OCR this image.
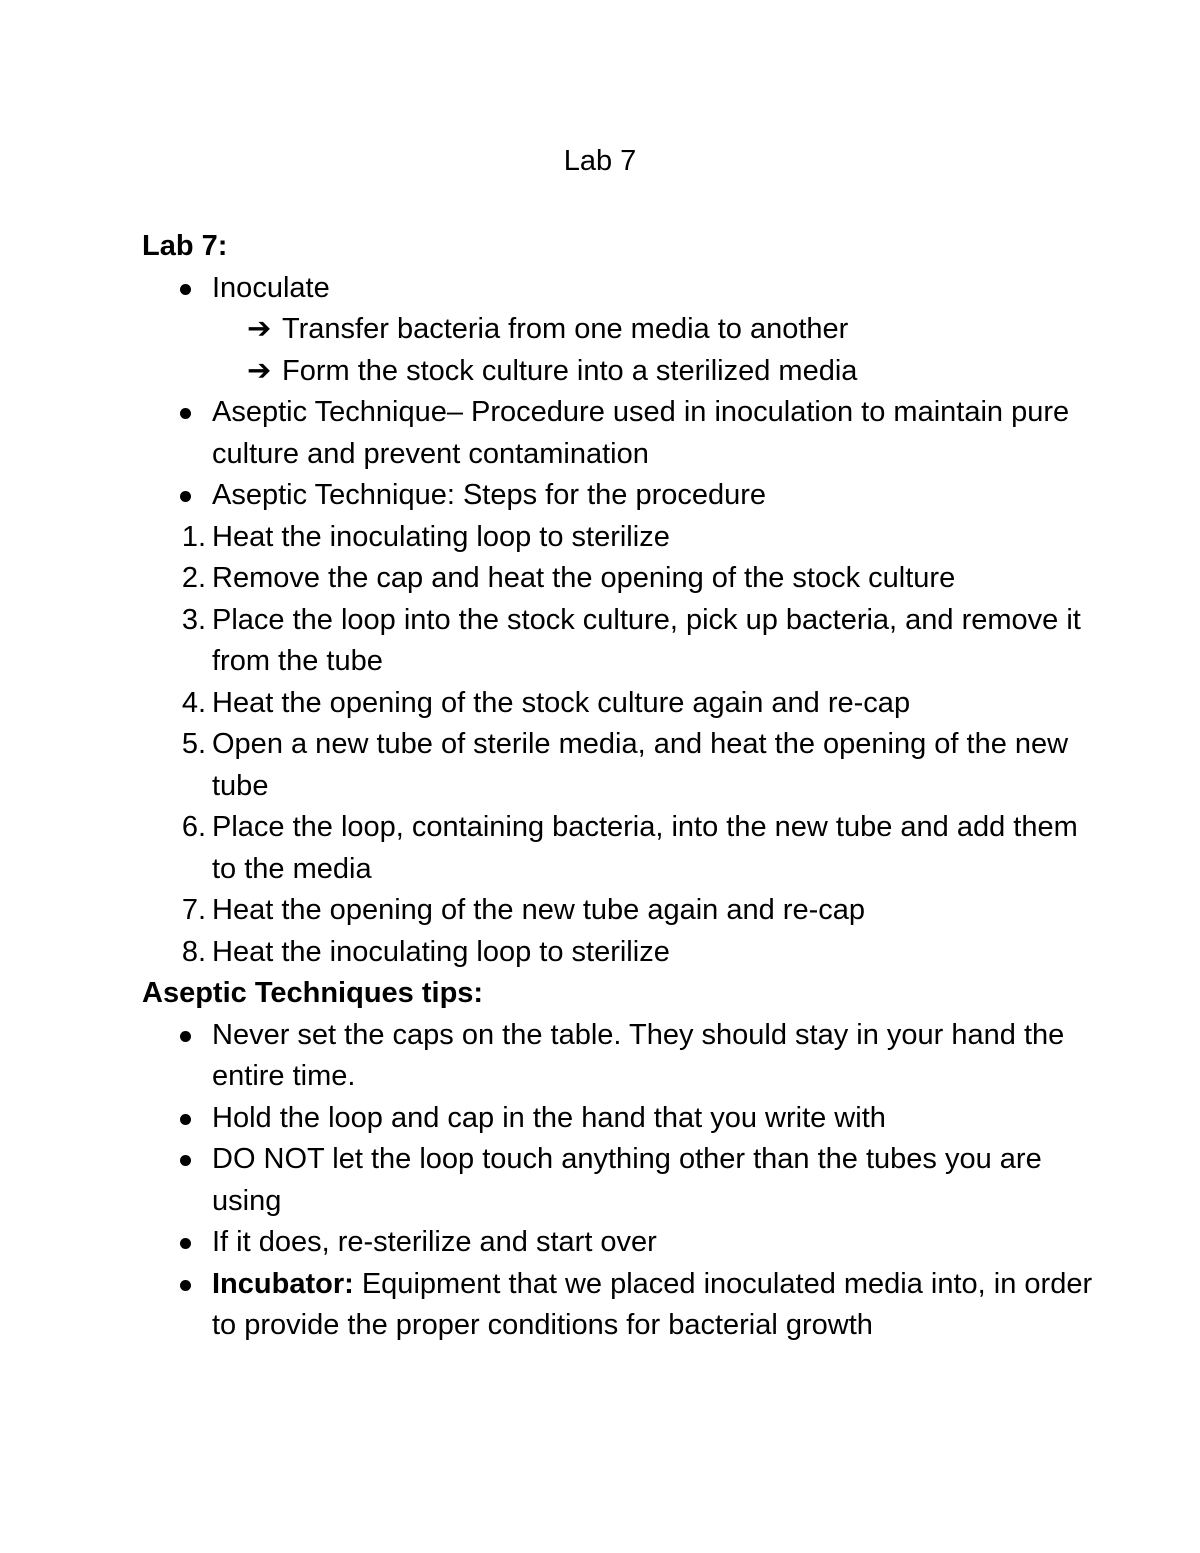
Lab 7

Lab 7:

Inoculate
➔ Transfer bacteria from one media to another
➔ Form the stock culture into a sterilized media
Aseptic Technique– Procedure used in inoculation to maintain pure culture and prevent contamination
Aseptic Technique: Steps for the procedure
1. Heat the inoculating loop to sterilize
2. Remove the cap and heat the opening of the stock culture
3. Place the loop into the stock culture, pick up bacteria, and remove it from the tube
4. Heat the opening of the stock culture again and re-cap
5. Open a new tube of sterile media, and heat the opening of the new tube
6. Place the loop, containing bacteria, into the new tube and add them to the media
7. Heat the opening of the new tube again and re-cap
8. Heat the inoculating loop to sterilize

Aseptic Techniques tips:

Never set the caps on the table. They should stay in your hand the entire time.
Hold the loop and cap in the hand that you write with
DO NOT let the loop touch anything other than the tubes you are using
If it does, re-sterilize and start over
Incubator: Equipment that we placed inoculated media into, in order to provide the proper conditions for bacterial growth
